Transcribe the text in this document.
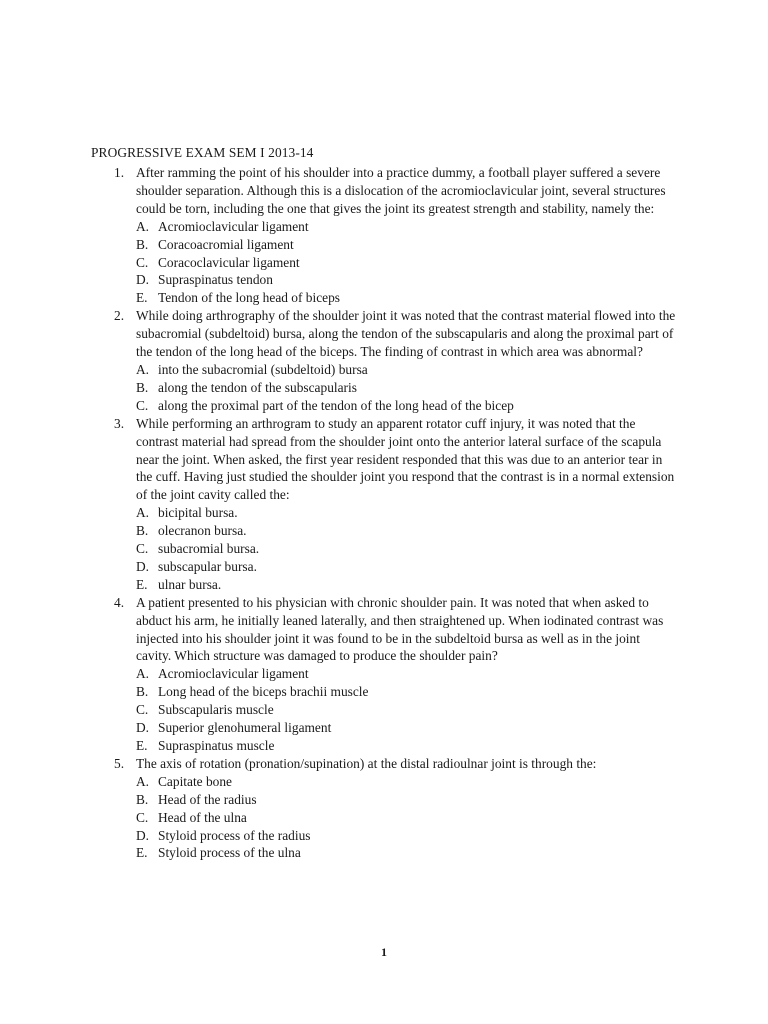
PROGRESSIVE EXAM SEM I 2013-14
1. After ramming the point of his shoulder into a practice dummy, a football player suffered a severe shoulder separation. Although this is a dislocation of the acromioclavicular joint, several structures could be torn, including the one that gives the joint its greatest strength and stability, namely the:
A. Acromioclavicular ligament
B. Coracoacromial ligament
C. Coracoclavicular ligament
D. Supraspinatus tendon
E. Tendon of the long head of biceps
2. While doing arthrography of the shoulder joint it was noted that the contrast material flowed into the subacromial (subdeltoid) bursa, along the tendon of the subscapularis and along the proximal part of the tendon of the long head of the biceps. The finding of contrast in which area was abnormal?
A. into the subacromial (subdeltoid) bursa
B. along the tendon of the subscapularis
C. along the proximal part of the tendon of the long head of the bicep
3. While performing an arthrogram to study an apparent rotator cuff injury, it was noted that the contrast material had spread from the shoulder joint onto the anterior lateral surface of the scapula near the joint. When asked, the first year resident responded that this was due to an anterior tear in the cuff. Having just studied the shoulder joint you respond that the contrast is in a normal extension of the joint cavity called the:
A. bicipital bursa.
B. olecranon bursa.
C. subacromial bursa.
D. subscapular bursa.
E. ulnar bursa.
4. A patient presented to his physician with chronic shoulder pain. It was noted that when asked to abduct his arm, he initially leaned laterally, and then straightened up. When iodinated contrast was injected into his shoulder joint it was found to be in the subdeltoid bursa as well as in the joint cavity. Which structure was damaged to produce the shoulder pain?
A. Acromioclavicular ligament
B. Long head of the biceps brachii muscle
C. Subscapularis muscle
D. Superior glenohumeral ligament
E. Supraspinatus muscle
5. The axis of rotation (pronation/supination) at the distal radioulnar joint is through the:
A. Capitate bone
B. Head of the radius
C. Head of the ulna
D. Styloid process of the radius
E. Styloid process of the ulna
1
